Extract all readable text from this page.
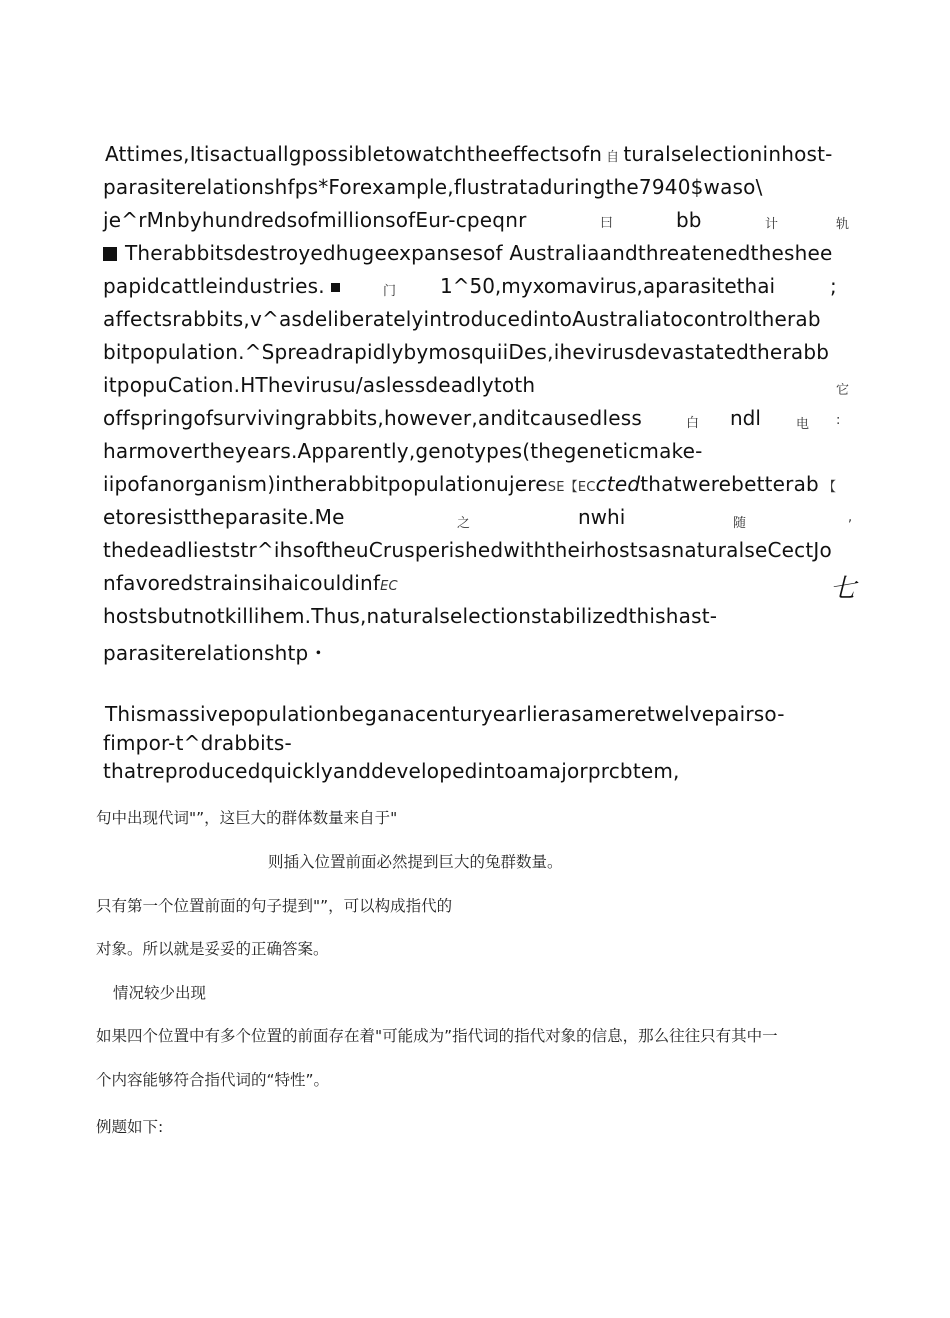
Attimes,Itisactuallgpossibletowatchtheeffectsofn 自 turalselectioninhost-
parasiterelationshfps*Forexample,flustrataduringthe7940$waso\
je^rMnbyhundredsofmillionsofEur-cpeqnr	曰	bb	计	轨
Therabbitsdestroyedhugeexpansesof Australiaandthreatenedthesheе
papidcattleindustries.	门 1^50,myxomavirus,aparasitethai	;
affectsrabbits,v^asdeliberatelyintroducedintoAustraliatocontroltherab
bitpopulation.^SpreadrapidlybymosquiiDes,ihevirusdevastatedtherabb
itpopuCation.HThevirusu/aslessdeadlytoth	它
offspringofsurvivingrabbits,however,anditcausedless	白 ndl	电 :
harmovertheyears.Apparently,genotypes(thegeneticmake-
iipofanorganism)intherabbitpopulationujereSE【ECctedthatwerebetterab 【
etoresisttheparasite.Me	之	nwhi	随	,
thedeadlieststr^ihsoftheuCrusperishedwiththeirhostsasnaturalseCectJo
nfavoredstrainsihaicouldinfEC	七
hostsbutnotkillihem.Thus,naturalselectionstabilizedthishast-
parasiterelationshtp・
Thismassivepopulationbeganacenturyearlierasameretwelvepairso-
fimpor-t^drabbits-
thatreproducedquicklyanddevelopedintoamajorprcbtem,
句中出现代词"”，这巨大的群体数量来自于"
则插入位置前面必然提到巨大的兔群数量。
只有第一个位置前面的句子提到"”，可以构成指代的
对象。所以就是妥妥的正确答案。
情况较少出现
如果四个位置中有多个位置的前面存在着"可能成为”指代词的指代对象的信息，那么往往只有其中一
个内容能够符合指代词的“特性”。
例题如下:
